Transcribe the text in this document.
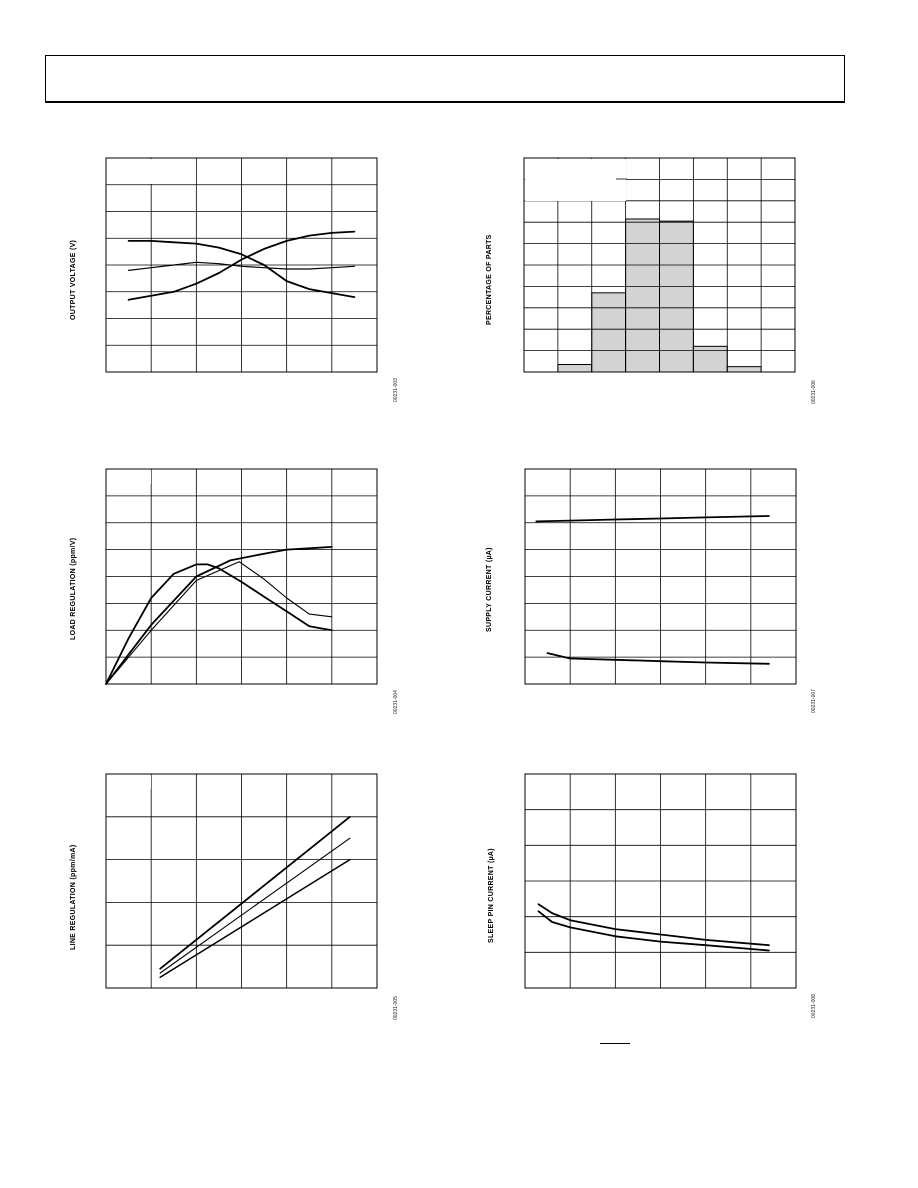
OUTPUT VOLTAGE (V)
00231-003
PERCENTAGE OF PARTS
00231-006
LOAD REGULATION (ppm/V)
00231-004
SUPPLY CURRENT (µA)
00231-007
LINE REGULATION (ppm/mA)
00231-005
SLEEP PIN CURRENT (µA)
00231-008
